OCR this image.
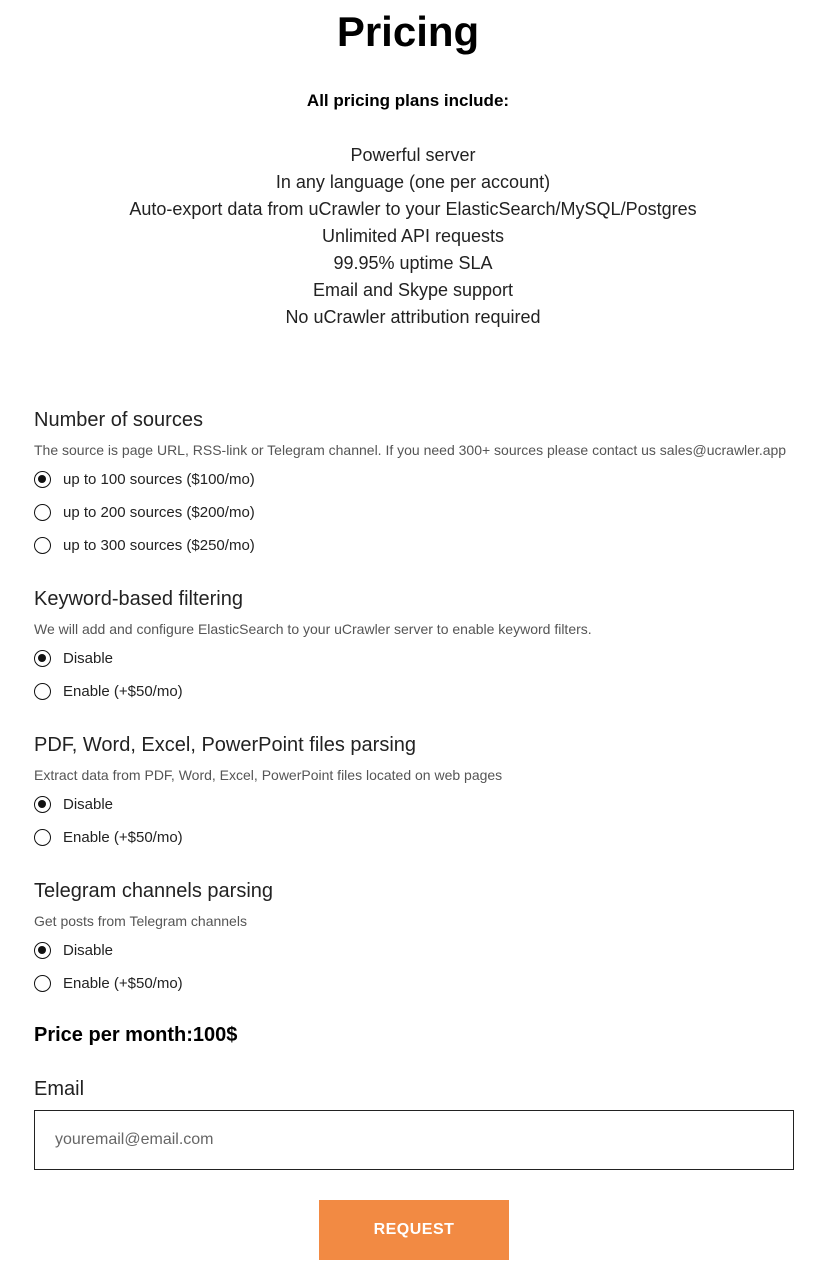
Pricing
All pricing plans include:
Powerful server
In any language (one per account)
Auto-export data from uCrawler to your ElasticSearch/MySQL/Postgres
Unlimited API requests
99.95% uptime SLA
Email and Skype support
No uCrawler attribution required
Number of sources
The source is page URL, RSS-link or Telegram channel. If you need 300+ sources please contact us sales@ucrawler.app
up to 100 sources ($100/mo)
up to 200 sources ($200/mo)
up to 300 sources ($250/mo)
Keyword-based filtering
We will add and configure ElasticSearch to your uCrawler server to enable keyword filters.
Disable
Enable (+$50/mo)
PDF, Word, Excel, PowerPoint files parsing
Extract data from PDF, Word, Excel, PowerPoint files located on web pages
Disable
Enable (+$50/mo)
Telegram channels parsing
Get posts from Telegram channels
Disable
Enable (+$50/mo)
Price per month:100$
Email
youremail@email.com
REQUEST
